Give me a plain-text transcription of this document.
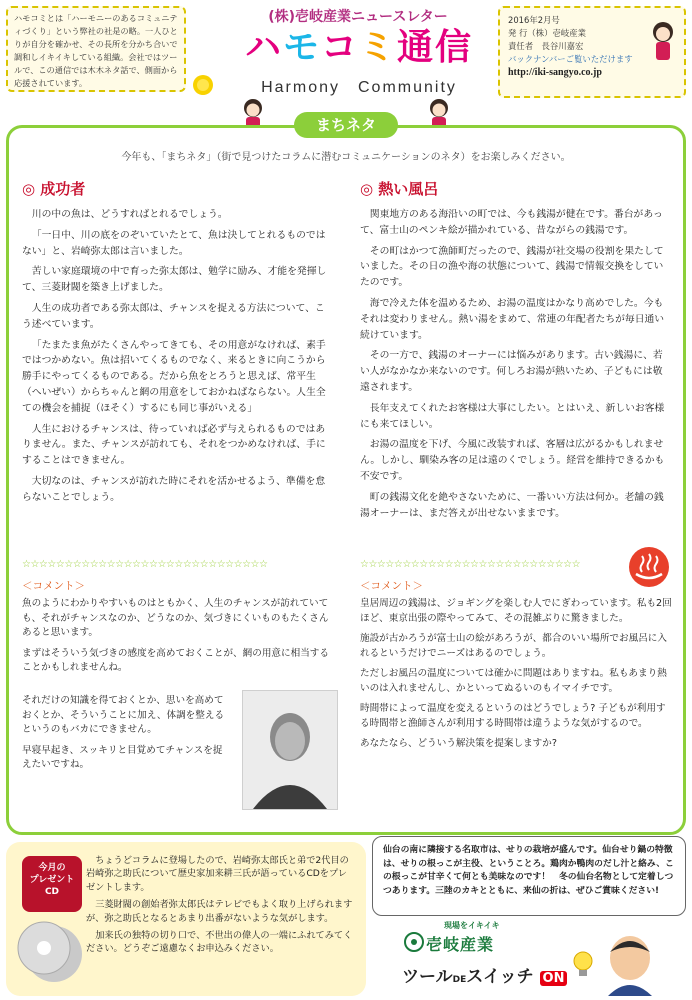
ハモコミとは「ハーモニーのあるコミュニティづくり」という弊社の社是の略。一人ひとりが自分を確かせ、その長所を分かち合いで調和しイキイキしている組織。会社ではツールで、この通信では木木ネタ話で、側面から応援されています。
(株)壱岐産業ニュースレター
ハモコミ通信
Harmony　Community
2016年2月号
発 行（株）壱岐産業
責任者　長谷川嘉宏
バックナンバーご覧いただけます
http://iki-sangyo.co.jp
まちネタ
今年も、「まちネタ」（街で見つけたコラムに潜むコミュニケーションのネタ）をお楽しみください。
◎ 成功者

川の中の魚は、どうすればとれるでしょう。

「一日中、川の底をのぞいていたとて、魚は決してとれるものではない」と、岩崎弥太郎は言いました。

苦しい家庭環境の中で育った弥太郎は、勉学に励み、才能を発揮して、三菱財閥を築き上げました。

人生の成功者である弥太郎は、チャンスを捉える方法について、こう述べています。

「たまたま魚がたくさんやってきても、その用意がなければ、素手ではつかめない。魚は招いてくるものでなく、来るときに向こうから勝手にやってくるものである。だから魚をとろうと思えば、常平生（へいぜい）からちゃんと網の用意をしておかねばならない。人生全ての機会を捕捉（ほそく）するにも同じ事がいえる」

人生におけるチャンスは、待っていれば必ず与えられるものではありません。また、チャンスが訪れても、それをつかめなければ、手にすることはできません。

大切なのは、チャンスが訪れた時にそれを活かせるよう、準備を怠らないことでしょう。

☆☆☆☆☆☆☆☆☆☆☆☆☆☆☆☆☆☆☆☆☆☆☆☆☆☆☆☆☆
＜コメント＞

魚のようにわかりやすいものはともかく、人生のチャンスが訪れていても、それがチャンスなのか、どうなのか、気づきにくいものもたくさんあると思います。

まずはそういう気づきの感度を高めておくことが、網の用意に相当することかもしれませんね。

それだけの知識を得ておくとか、思いを高めておくとか、そういうことに加え、体調を整えるというのもバカにできません。

早寝早起き、スッキリと目覚めてチャンスを捉えたいですね。

◎ 熱い風呂

関東地方のある海沿いの町では、今も銭湯が健在です。番台があって、富士山のペンキ絵が描かれている、昔ながらの銭湯です。

その町はかつて漁師町だったので、銭湯が社交場の役割を果たしていました。その日の漁や海の状態について、銭湯で情報交換をしていたのです。

海で冷えた体を温めるため、お湯の温度はかなり高めでした。今もそれは変わりません。熱い湯をまめて、常連の年配者たちが毎日通い続けています。

その一方で、銭湯のオーナーには悩みがあります。古い銭湯に、若い人がなかなか来ないのです。何しろお湯が熱いため、子どもには敬遠されます。

長年支えてくれたお客様は大事にしたい。とはいえ、新しいお客様にも来てほしい。

お湯の温度を下げ、今風に改装すれば、客層は広がるかもしれません。しかし、馴染み客の足は遠のくでしょう。経営を維持できるかも不安です。

町の銭湯文化を絶やさないために、一番いい方法は何か。老舗の銭湯オーナーは、まだ答えが出せないままです。

☆☆☆☆☆☆☆☆☆☆☆☆☆☆☆☆☆☆☆☆☆☆☆☆☆☆
＜コメント＞

皇居周辺の銭湯は、ジョギングを楽しむ人でにぎわっています。私も2回ほど、東京出張の際やってみて、その混雑ぶりに驚きました。

施設が古かろうが富士山の絵があろうが、都合のいい場所でお風呂に入れるというだけでニーズはあるのでしょう。

ただしお風呂の温度については確かに問題はありますね。私もあまり熱いのは入れませんし、かといってぬるいのもイマイチです。

時間帯によって温度を変えるというのはどうでしょう? 子どもが利用する時間帯と漁師さんが利用する時間帯は違うような気がするので。

あなたなら、どういう解決策を提案しますか?

今月の
プレゼント
CD

ちょうどコラムに登場したので、岩崎弥太郎氏と弟で2代目の岩崎弥之助氏について歴史家加来耕三氏が語っているCDをプレゼントします。

三菱財閥の創始者弥太郎氏はテレビでもよく取り上げられますが、弥之助氏となるとあまり出番がないような気がします。

加来氏の独特の切り口で、不世出の偉人の一端にふれてみてください。どうぞご遠慮なくお申込みください。

仙台の南に隣接する名取市は、せりの栽培が盛んです。仙台せり鍋の特徴は、せりの根っこが主役、ということろ。鶏肉か鴨肉のだし汁と絡み、この根っこが甘辛くて何とも美味なのです！　冬の仙台名物として定着しつつあります。三陸のカキとともに、来仙の折は、ぜひご賞味ください!
現場をイキイキ
壱岐産業
ツールDEスイッチ ON
